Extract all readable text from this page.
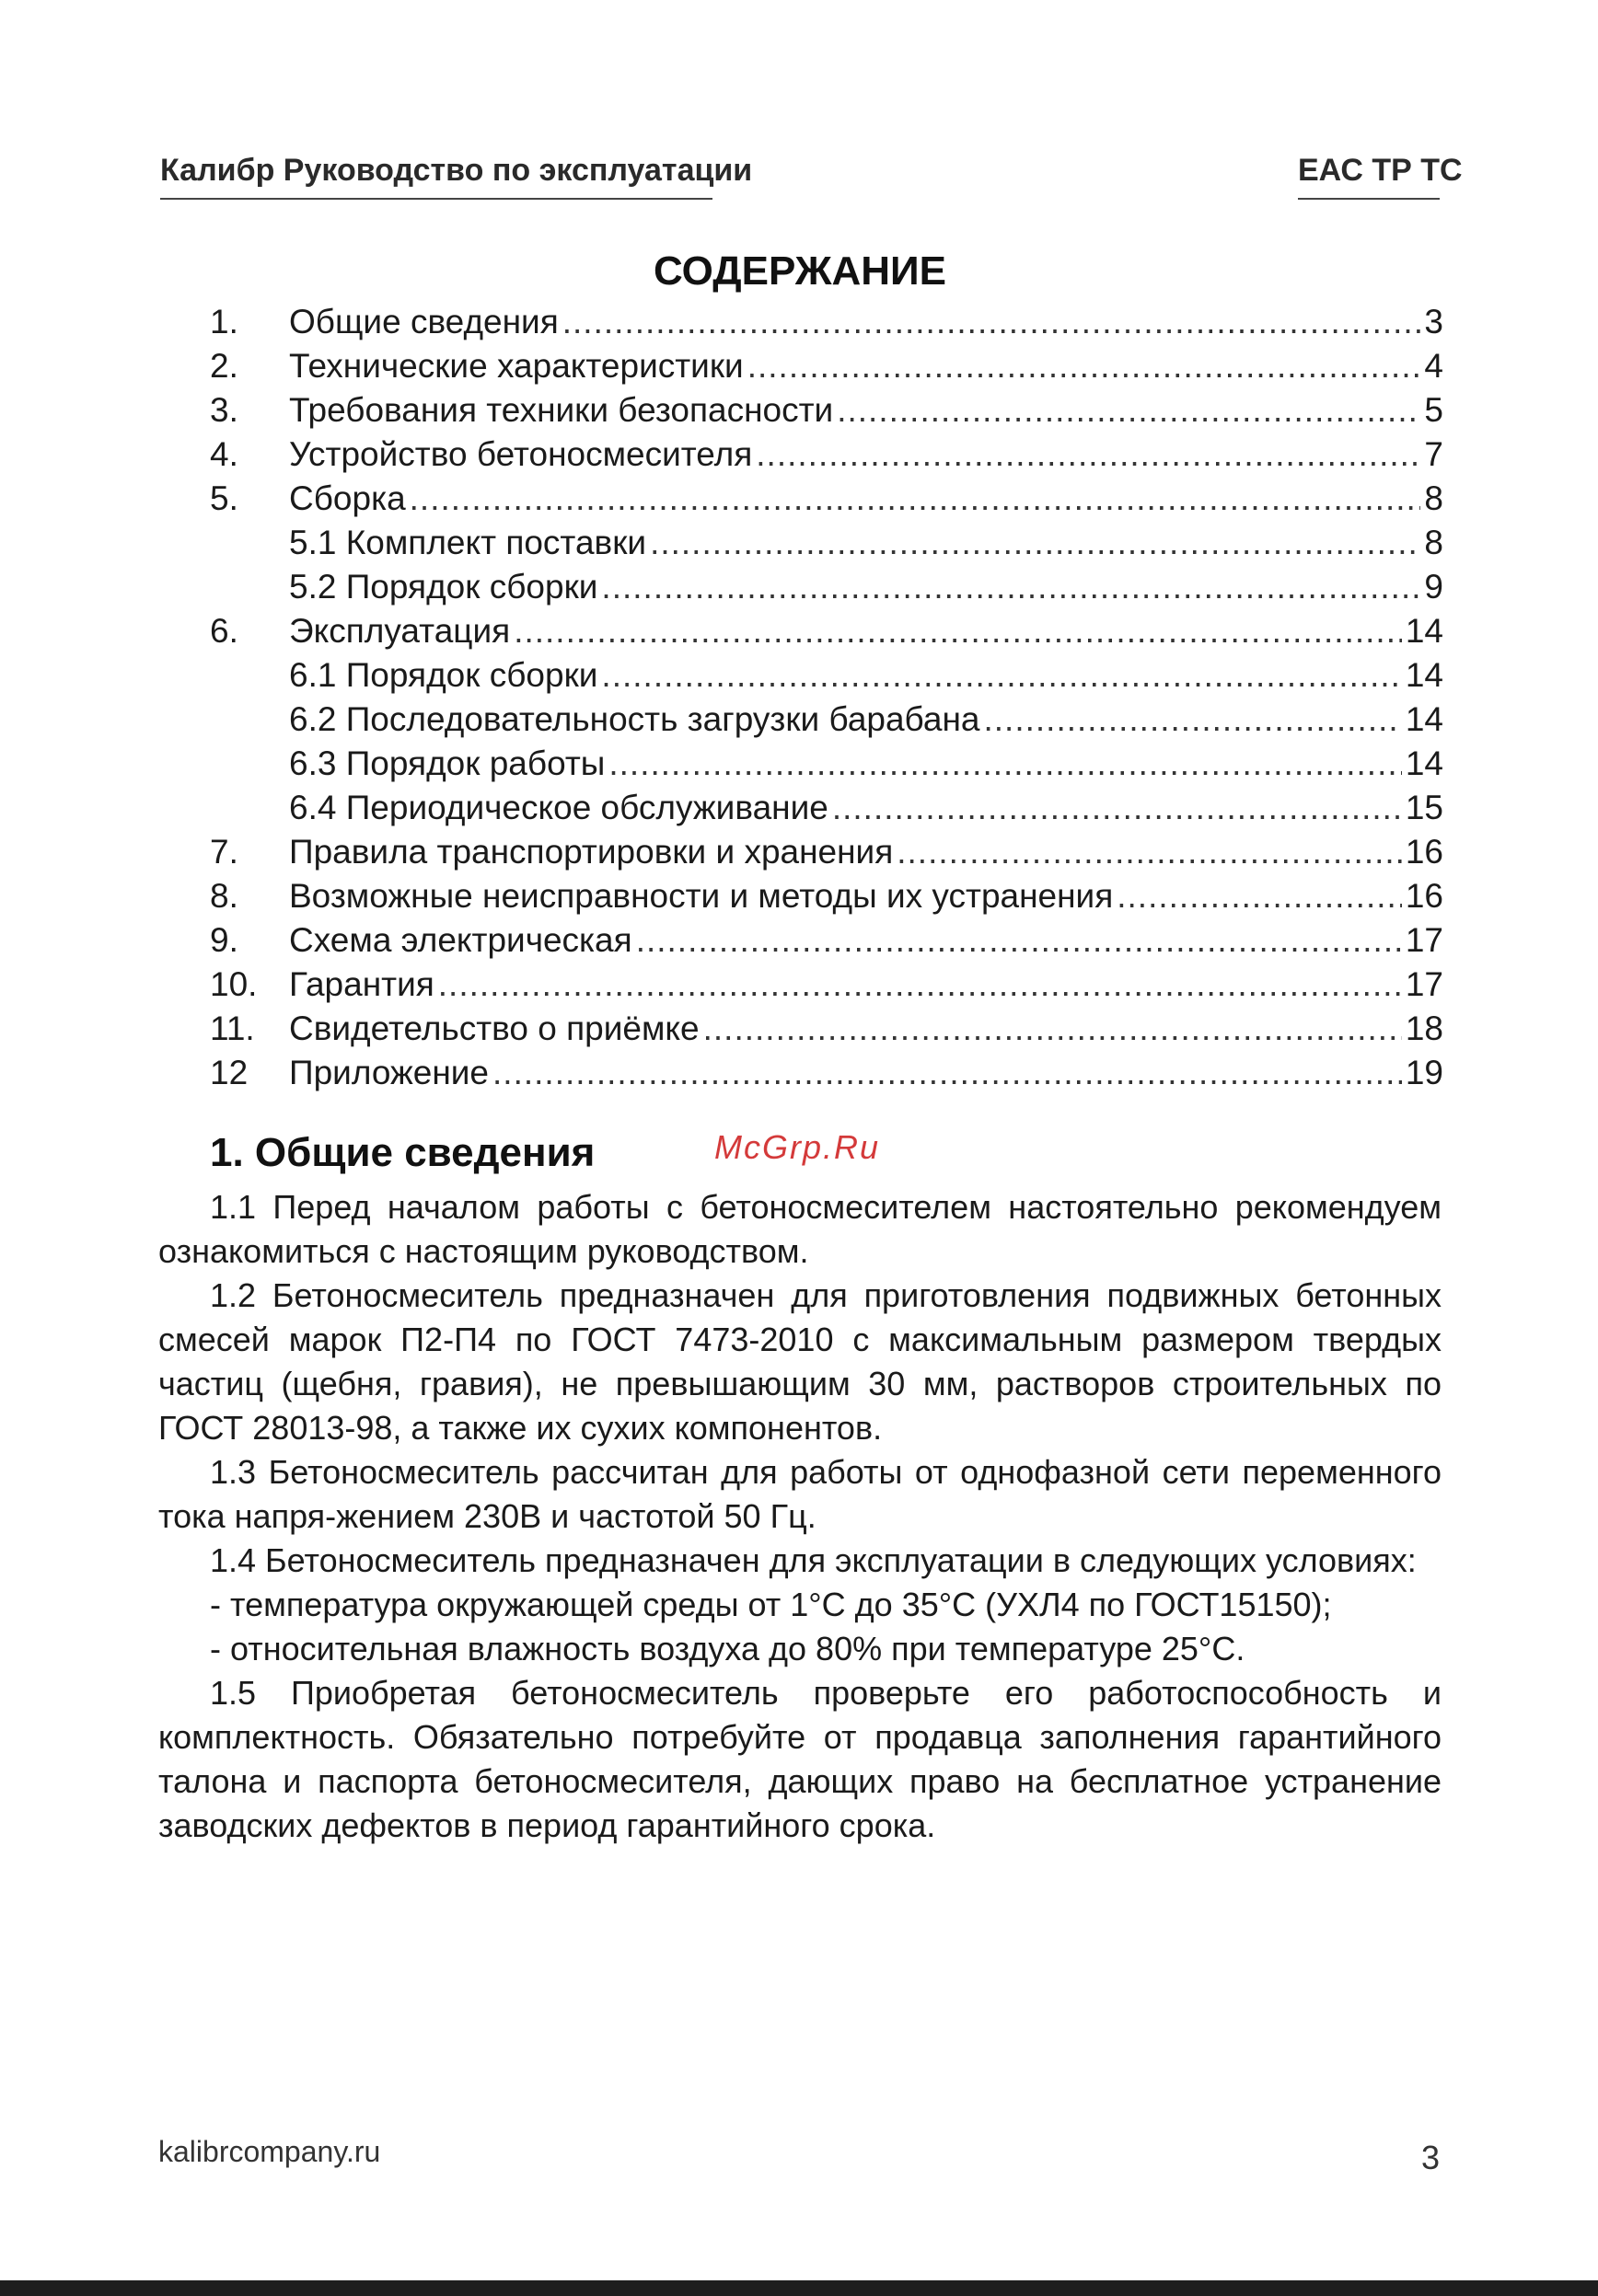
Калибр Руководство по эксплуатации	ЕАС ТР ТС
СОДЕРЖАНИЕ
1.	Общие сведения .....	3
2.	Технические характеристики .....	4
3.	Требования техники безопасности .....	5
4.	Устройство бетоносмесителя .....	7
5.	Сборка .....	8
5.1 Комплект поставки .....	8
5.2 Порядок сборки .....	9
6.	Эксплуатация .....	14
6.1 Порядок сборки .....	14
6.2 Последовательность загрузки барабана .....	14
6.3 Порядок работы .....	14
6.4 Периодическое обслуживание .....	15
7.	Правила транспортировки и хранения .....	16
8.	Возможные неисправности и методы их устранения .....	16
9.	Схема электрическая .....	17
10. Гарантия .....	17
11.	Свидетельство о приёмке .....	18
12	Приложение .....	19
1. Общие сведения	McGrp.Ru

1.1 Перед началом работы с бетоносмесителем настоятельно рекомендуем ознакомиться с настоящим руководством.

1.2 Бетоносмеситель предназначен для приготовления подвижных бетонных смесей марок П2-П4 по ГОСТ 7473-2010 с максимальным размером твердых частиц (щебня, гравия), не превышающим 30 мм, растворов строительных по ГОСТ 28013-98, а также их сухих компонентов.

1.3 Бетоносмеситель рассчитан для работы от однофазной сети переменного тока напря-жением 230В и частотой 50 Гц.

1.4 Бетоносмеситель предназначен для эксплуатации в следующих условиях:

- температура окружающей среды от 1°С до 35°С (УХЛ4 по ГОСТ15150);

- относительная влажность воздуха до 80% при температуре 25°С.

1.5 Приобретая бетоносмеситель проверьте его работоспособность и комплектность. Обязательно потребуйте от продавца заполнения гарантийного талона и паспорта бетоносмесителя, дающих право на бесплатное устранение заводских дефектов в период гарантийного срока.

kalibrcompany.ru	3
